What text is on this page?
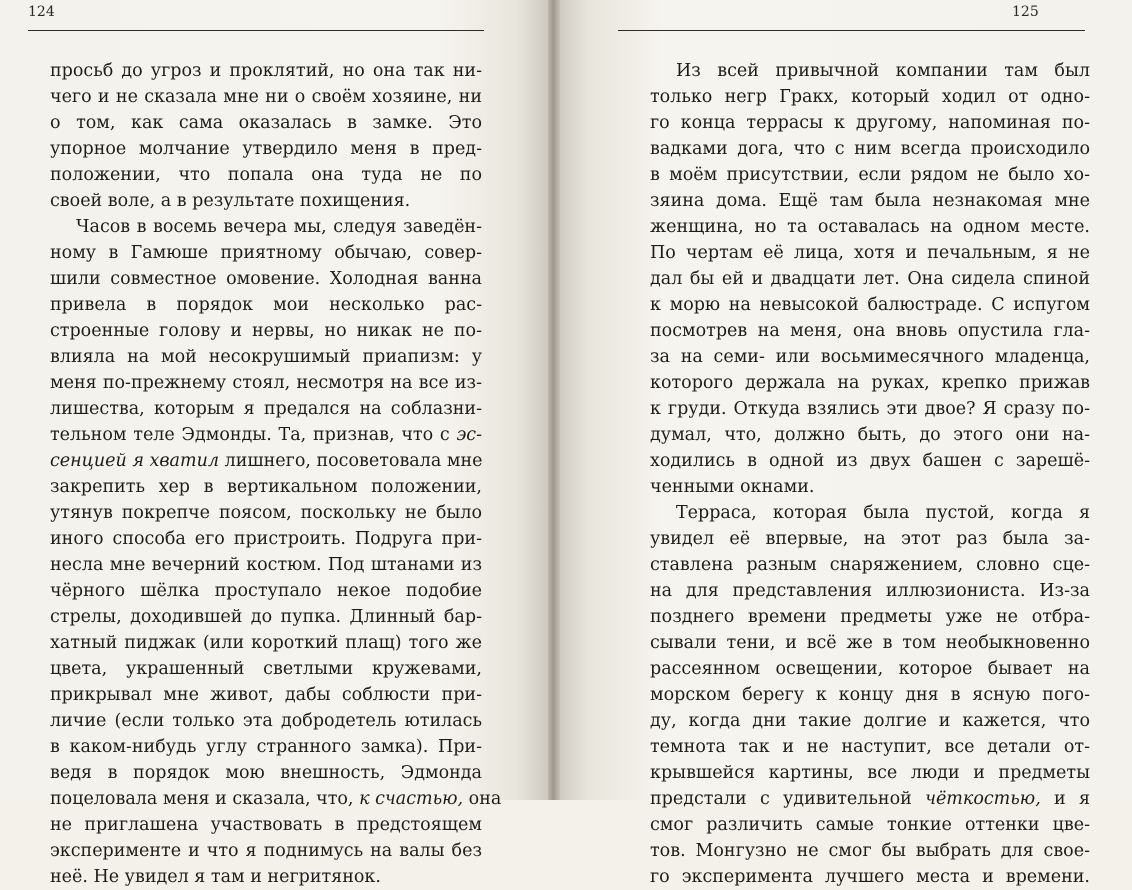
124

просьб до угроз и проклятий, но она так ни-
чего и не сказала мне ни о своём хозяине, ни
о том, как сама оказалась в замке. Это
упорное молчание утвердило меня в пред-
положении, что попала она туда не по
своей воле, а в результате похищения.
Часов в восемь вечера мы, следуя заведён-
ному в Гамюше приятному обычаю, совер-
шили совместное омовение. Холодная ванна
привела в порядок мои несколько рас-
строенные голову и нервы, но никак не по-
влияла на мой несокрушимый приапизм: у
меня по-прежнему стоял, несмотря на все из-
лишества, которым я предался на соблазни-
тельном теле Эдмонды. Та, признав, что с эс-
сенцией я хватил лишнего, посоветовала мне
закрепить хер в вертикальном положении,
утянув покрепче поясом, поскольку не было
иного способа его пристроить. Подруга при-
несла мне вечерний костюм. Под штанами из
чёрного шёлка проступало некое подобие
стрелы, доходившей до пупка. Длинный бар-
хатный пиджак (или короткий плащ) того же
цвета, украшенный светлыми кружевами,
прикрывал мне живот, дабы соблюсти при-
личие (если только эта добродетель ютилась
в каком-нибудь углу странного замка). При-
ведя в порядок мою внешность, Эдмонда
поцеловала меня и сказала, что, к счастью, она
не приглашена участвовать в предстоящем
эксперименте и что я поднимусь на валы без
неё. Не увидел я там и негритянок.

125

Из всей привычной компании там был
только негр Гракх, который ходил от одно-
го конца террасы к другому, напоминая по-
вадками дога, что с ним всегда происходило
в моём присутствии, если рядом не было хо-
зяина дома. Ещё там была незнакомая мне
женщина, но та оставалась на одном месте.
По чертам её лица, хотя и печальным, я не
дал бы ей и двадцати лет. Она сидела спиной
к морю на невысокой балюстраде. С испугом
посмотрев на меня, она вновь опустила гла-
за на семи- или восьмимесячного младенца,
которого держала на руках, крепко прижав
к груди. Откуда взялись эти двое? Я сразу по-
думал, что, должно быть, до этого они на-
ходились в одной из двух башен с зарешё-
ченными окнами.
Терраса, которая была пустой, когда я
увидел её впервые, на этот раз была за-
ставлена разным снаряжением, словно сце-
на для представления иллюзиониста. Из-за
позднего времени предметы уже не отбра-
сывали тени, и всё же в том необыкновенно
рассеянном освещении, которое бывает на
морском берегу к концу дня в ясную пого-
ду, когда дни такие долгие и кажется, что
темнота так и не наступит, все детали от-
крывшейся картины, все люди и предметы
предстали с удивительной чёткостью, и я
смог различить самые тонкие оттенки цве-
тов. Монгузно не смог бы выбрать для свое-
го эксперимента лучшего места и времени.
